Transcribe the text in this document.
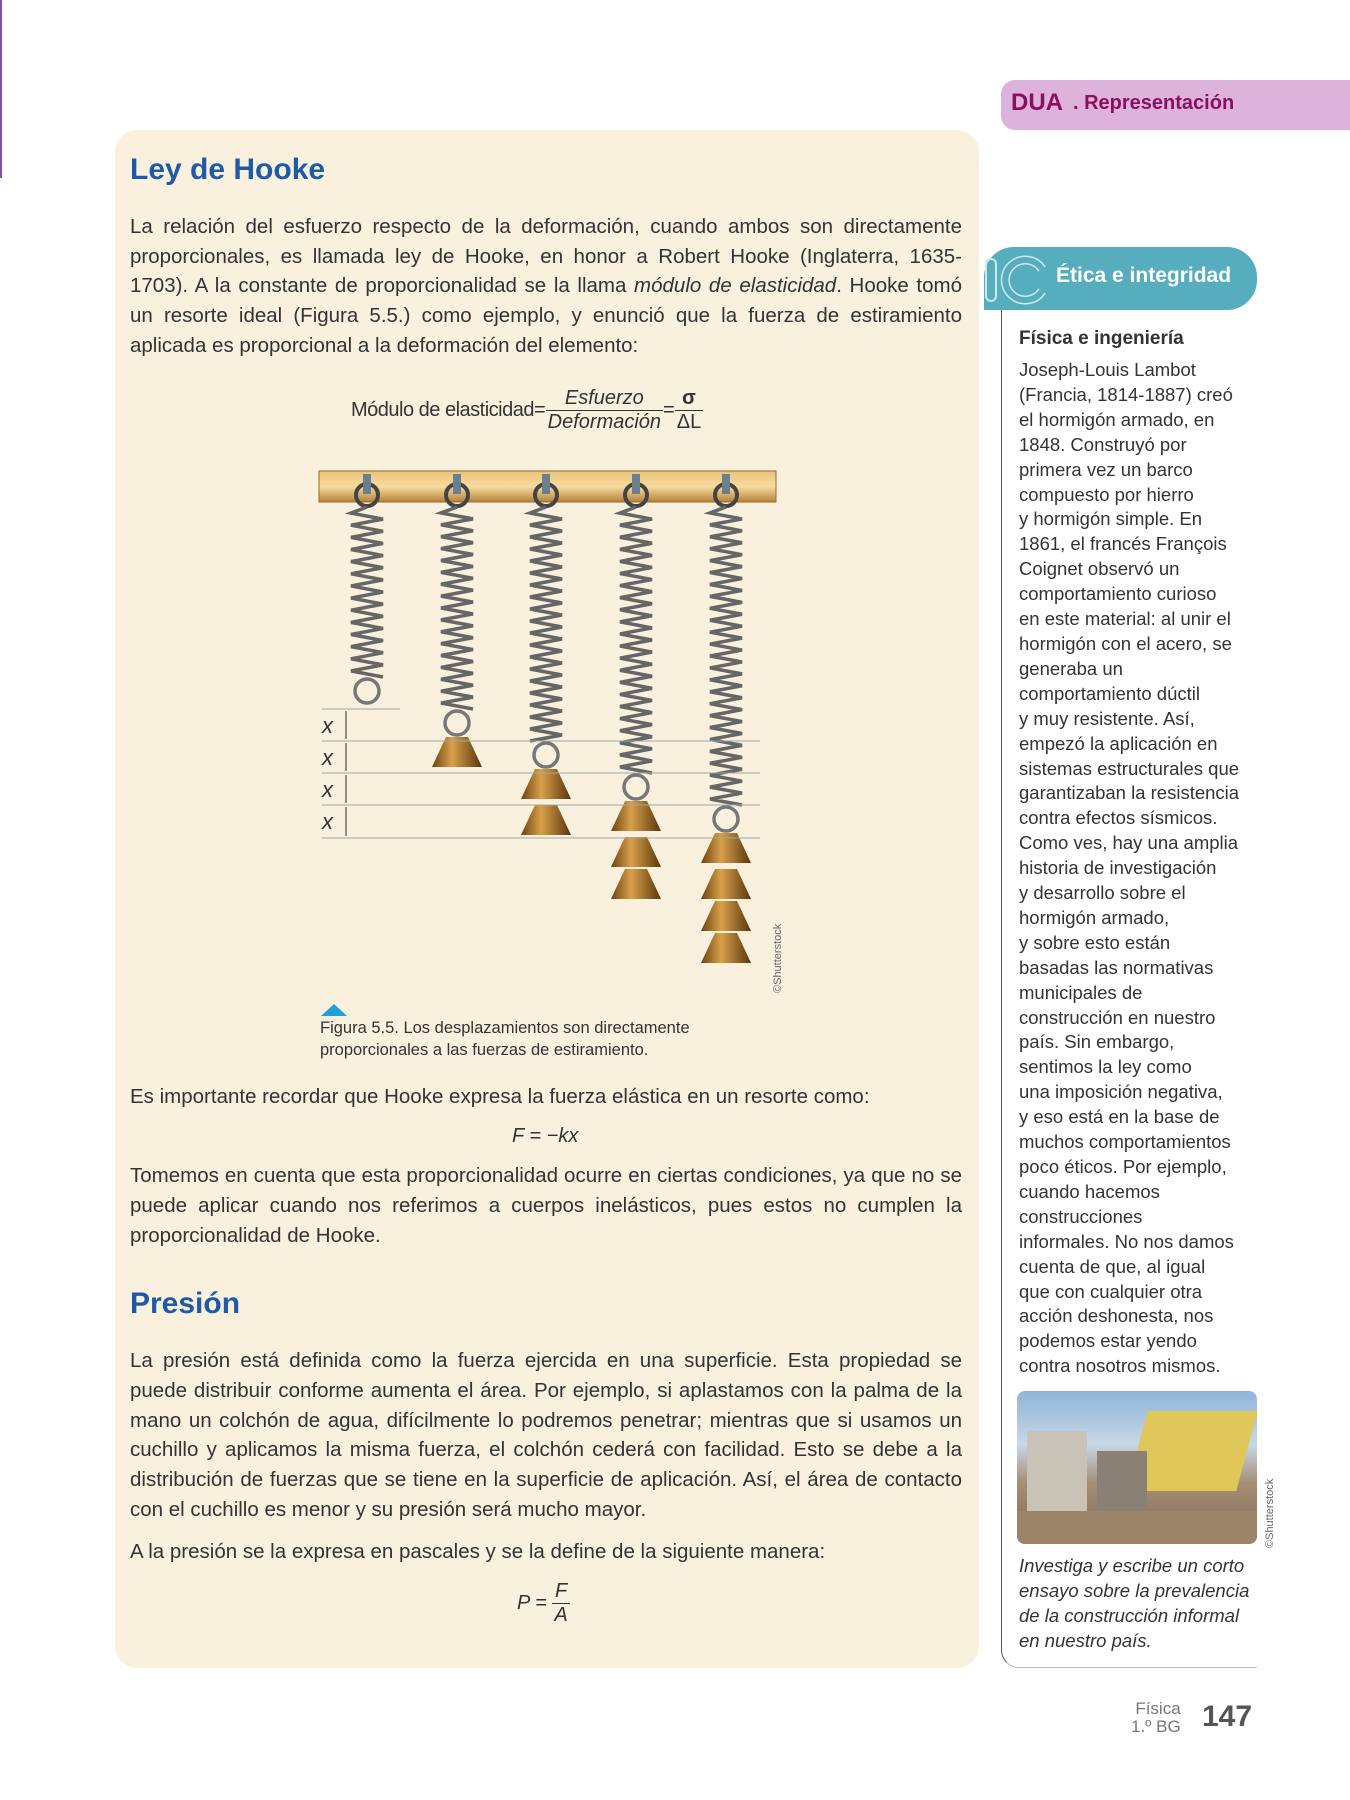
x
x
x
x
©Shutterstock
Ley de Hooke
La relación del esfuerzo respecto de la deformación, cuando ambos son directamente proporcionales, es llamada ley de Hooke, en honor a Robert Hooke (Inglaterra, 1635-1703). A la constante de proporcionalidad se la llama módulo de elasticidad. Hooke tomó un resorte ideal (Figura 5.5.) como ejemplo, y enunció que la fuerza de estiramiento aplicada es proporcional a la deformación del elemento:
Módulo de elasticidad= $\frac{\text{Esfuerzo}}{\text{Deformación}} = \frac{\sigma}{\Delta L}$
Figura 5.5. Los desplazamientos son directamente
proporcionales a las fuerzas de estiramiento.
Es importante recordar que Hooke expresa la fuerza elástica en un resorte como:
F = −kx
Tomemos en cuenta que esta proporcionalidad ocurre en ciertas condiciones, ya que no se puede aplicar cuando nos referimos a cuerpos inelásticos, pues estos no cumplen la proporcionalidad de Hooke.
Presión
La presión está definida como la fuerza ejercida en una superficie. Esta propiedad se puede distribuir conforme aumenta el área. Por ejemplo, si aplastamos con la palma de la mano un colchón de agua, difícilmente lo podremos penetrar; mientras que si usamos un cuchillo y aplicamos la misma fuerza, el colchón cederá con facilidad. Esto se debe a la distribución de fuerzas que se tiene en la superficie de aplicación. Así, el área de contacto con el cuchillo es menor y su presión será mucho mayor.
A la presión se la expresa en pascales y se la define de la siguiente manera:
$P = \frac{F}{A}$
DUA . Representación
Ética e integridad
Física e ingeniería
Joseph-Louis Lambot
(Francia, 1814-1887) creó
el hormigón armado, en
1848. Construyó por
primera vez un barco
compuesto por hierro
y hormigón simple. En
1861, el francés François
Coignet observó un
comportamiento curioso
en este material: al unir el
hormigón con el acero, se
generaba un
comportamiento dúctil
y muy resistente. Así,
empezó la aplicación en
sistemas estructurales que
garantizaban la resistencia
contra efectos sísmicos.
Como ves, hay una amplia
historia de investigación
y desarrollo sobre el
hormigón armado,
y sobre esto están
basadas las normativas
municipales de
construcción en nuestro
país. Sin embargo,
sentimos la ley como
una imposición negativa,
y eso está en la base de
muchos comportamientos
poco éticos. Por ejemplo,
cuando hacemos
construcciones
informales. No nos damos
cuenta de que, al igual
que con cualquier otra
acción deshonesta, nos
podemos estar yendo
contra nosotros mismos.
©Shutterstock
Investiga y escribe un corto
ensayo sobre la prevalencia
de la construcción informal
en nuestro país.
Física
1.º BG 147
